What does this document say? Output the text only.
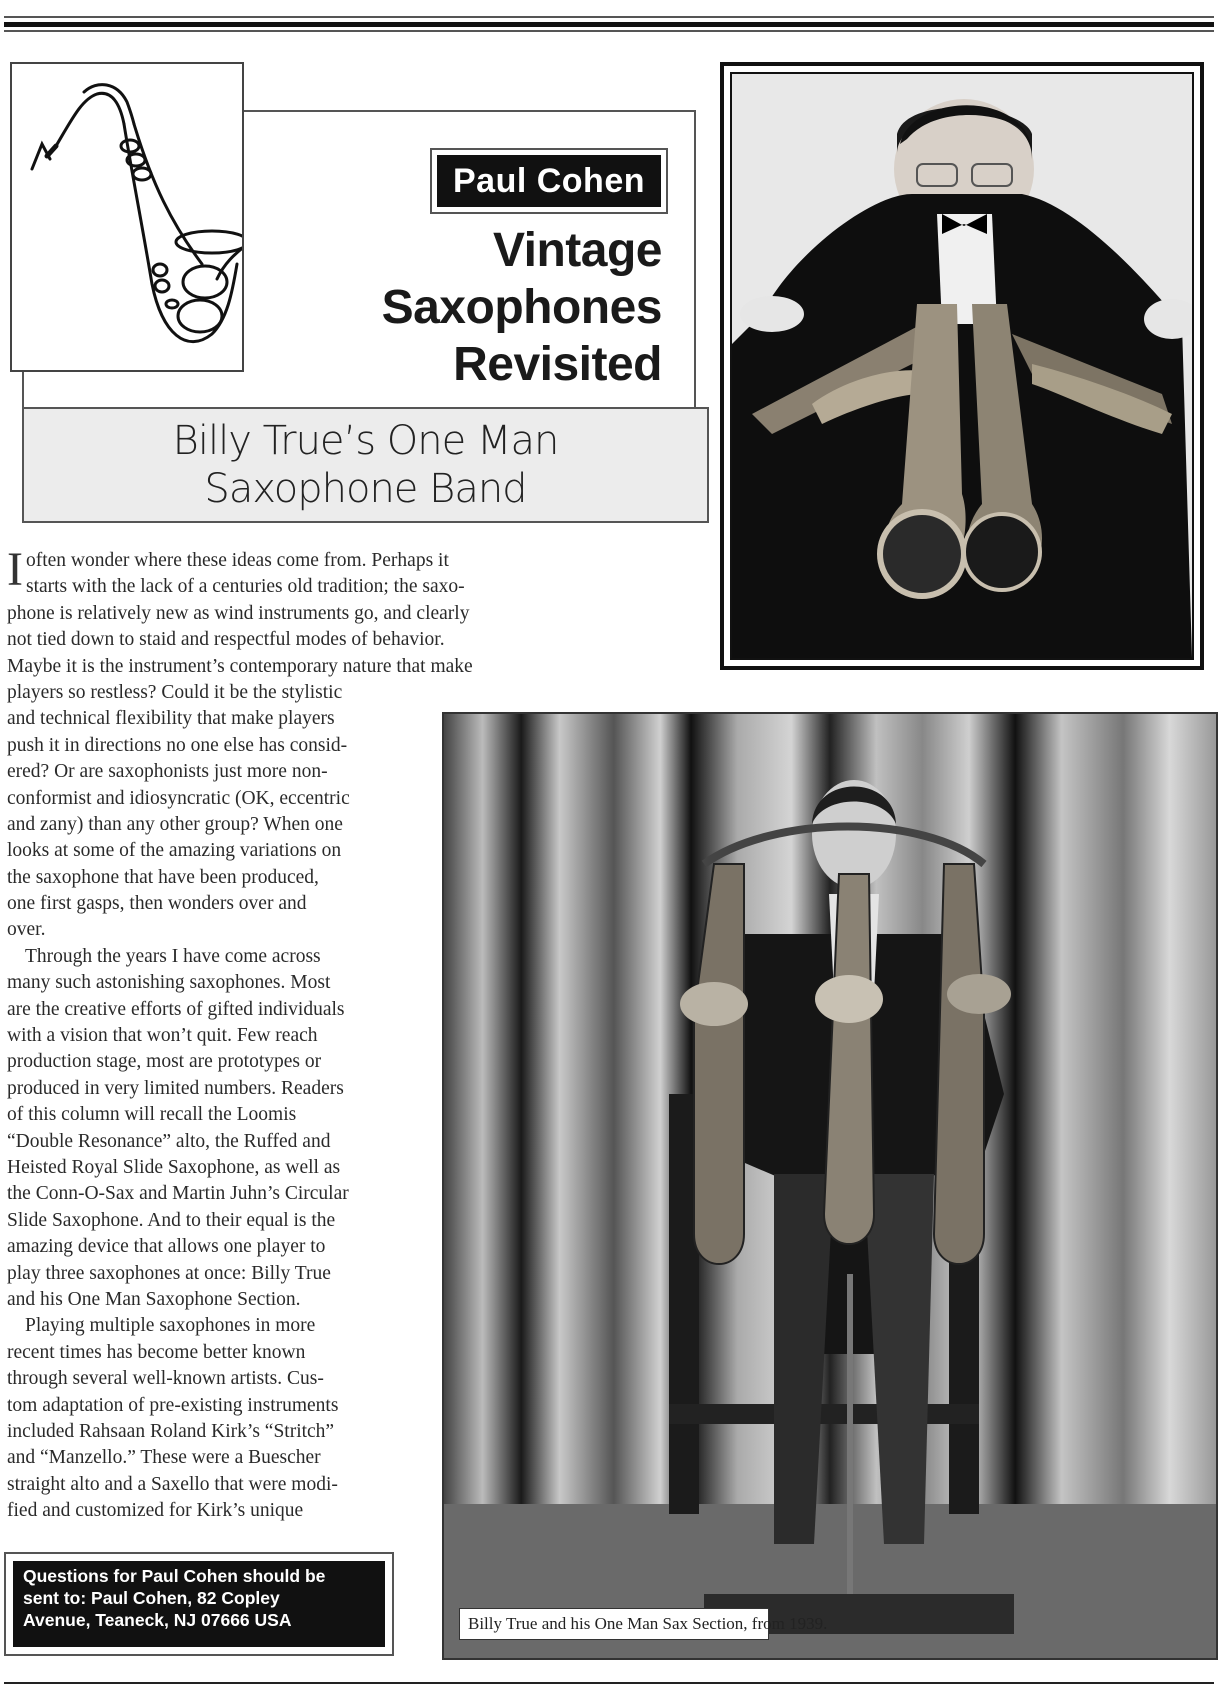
Paul Cohen
Vintage
Saxophones
Revisited
Billy True’s One Man
Saxophone Band
Billy True and his One Man Sax Section, from 1939.

I often wonder where these ideas come from. Perhaps it
starts with the lack of a centuries old tradition; the saxo-
phone is relatively new as wind instruments go, and clearly
not tied down to staid and respectful modes of behavior.
Maybe it is the instrument’s contemporary nature that make
players so restless? Could it be the stylistic
and technical flexibility that make players
push it in directions no one else has consid-
ered? Or are saxophonists just more non-
conformist and idiosyncratic (OK, eccentric
and zany) than any other group? When one
looks at some of the amazing variations on
the saxophone that have been produced,
one first gasps, then wonders over and
over.

Through the years I have come across
many such astonishing saxophones. Most
are the creative efforts of gifted individuals
with a vision that won’t quit. Few reach
production stage, most are prototypes or
produced in very limited numbers. Readers
of this column will recall the Loomis
“Double Resonance” alto, the Ruffed and
Heisted Royal Slide Saxophone, as well as
the Conn-O-Sax and Martin Juhn’s Circular
Slide Saxophone. And to their equal is the
amazing device that allows one player to
play three saxophones at once: Billy True
and his One Man Saxophone Section.

Playing multiple saxophones in more
recent times has become better known
through several well-known artists. Cus-
tom adaptation of pre-existing instruments
included Rahsaan Roland Kirk’s “Stritch”
and “Manzello.” These were a Buescher
straight alto and a Saxello that were modi-
fied and customized for Kirk’s unique

Questions for Paul Cohen should be
sent to: Paul Cohen, 82 Copley
Avenue, Teaneck, NJ 07666 USA
